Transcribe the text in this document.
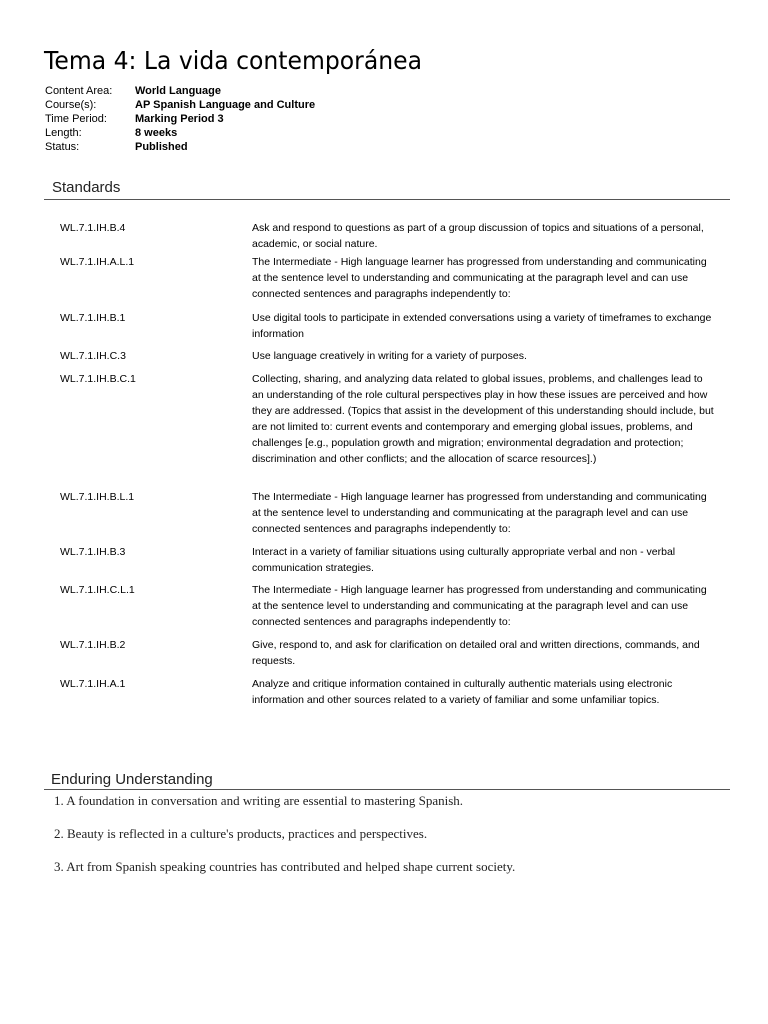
Tema 4: La vida contemporánea
Content Area:	World Language
Course(s):	AP Spanish Language and Culture
Time Period:	Marking Period 3
Length:	8 weeks
Status:	Published
Standards
WL.7.1.IH.B.4	Ask and respond to questions as part of a group discussion of topics and situations of a personal, academic, or social nature.
WL.7.1.IH.A.L.1	The Intermediate - High language learner has progressed from understanding and communicating at the sentence level to understanding and communicating at the paragraph level and can use connected sentences and paragraphs independently to:
WL.7.1.IH.B.1	Use digital tools to participate in extended conversations using a variety of timeframes to exchange information
WL.7.1.IH.C.3	Use language creatively in writing for a variety of purposes.
WL.7.1.IH.B.C.1	Collecting, sharing, and analyzing data related to global issues, problems, and challenges lead to an understanding of the role cultural perspectives play in how these issues are perceived and how they are addressed. (Topics that assist in the development of this understanding should include, but are not limited to: current events and contemporary and emerging global issues, problems, and challenges [e.g., population growth and migration; environmental degradation and protection; discrimination and other conflicts; and the allocation of scarce resources].)
WL.7.1.IH.B.L.1	The Intermediate - High language learner has progressed from understanding and communicating at the sentence level to understanding and communicating at the paragraph level and can use connected sentences and paragraphs independently to:
WL.7.1.IH.B.3	Interact in a variety of familiar situations using culturally appropriate verbal and non - verbal communication strategies.
WL.7.1.IH.C.L.1	The Intermediate - High language learner has progressed from understanding and communicating at the sentence level to understanding and communicating at the paragraph level and can use connected sentences and paragraphs independently to:
WL.7.1.IH.B.2	Give, respond to, and ask for clarification on detailed oral and written directions, commands, and requests.
WL.7.1.IH.A.1	Analyze and critique information contained in culturally authentic materials using electronic information and other sources related to a variety of familiar and some unfamiliar topics.
Enduring Understanding
1. A foundation in conversation and writing are essential to mastering Spanish.
2. Beauty is reflected in a culture's products, practices and perspectives.
3. Art from Spanish speaking countries has contributed and helped shape current society.
